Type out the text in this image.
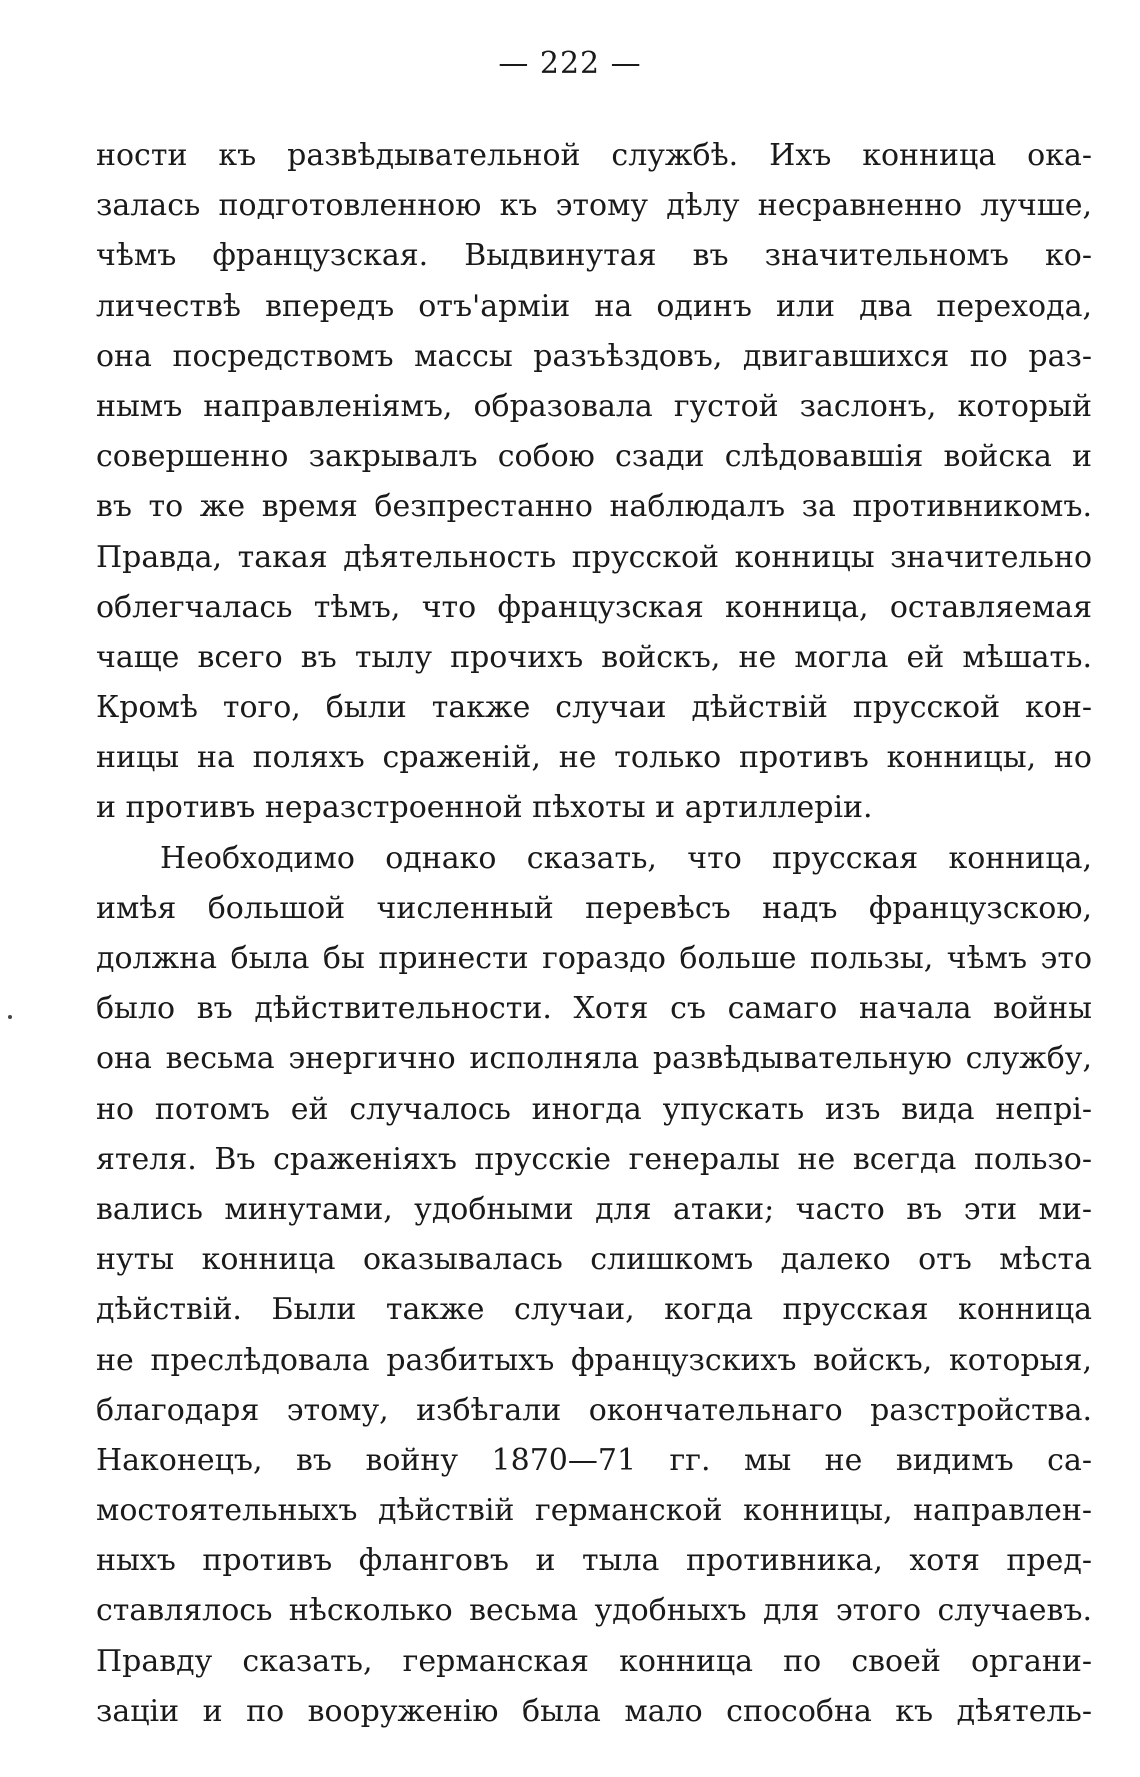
— 222 —
ности къ развѣдывательной службѣ. Ихъ конница ока-
залась подготовленною къ этому дѣлу несравненно лучше,
чѣмъ французская. Выдвинутая въ значительномъ ко-
личествѣ впередъ отъ'арміи на одинъ или два перехода,
она посредствомъ массы разъѣздовъ, двигавшихся по раз-
нымъ направленіямъ, образовала густой заслонъ, который
совершенно закрывалъ собою сзади слѣдовавшія войска и
въ то же время безпрестанно наблюдалъ за противникомъ.
Правда, такая дѣятельность прусской конницы значительно
облегчалась тѣмъ, что французская конница, оставляемая
чаще всего въ тылу прочихъ войскъ, не могла ей мѣшать.
Кромѣ того, были также случаи дѣйствій прусской кон-
ницы на поляхъ сраженій, не только противъ конницы, но
и противъ неразстроенной пѣхоты и артиллеріи.
Необходимо однако сказать, что прусская конница,
имѣя большой численный перевѣсъ надъ французскою,
должна была бы принести гораздо больше пользы, чѣмъ это
было въ дѣйствительности. Хотя съ самаго начала войны
она весьма энергично исполняла развѣдывательную службу,
но потомъ ей случалось иногда упускать изъ вида непрі-
ятеля. Въ сраженіяхъ прусскіе генералы не всегда пользо-
вались минутами, удобными для атаки; часто въ эти ми-
нуты конница оказывалась слишкомъ далеко отъ мѣста
дѣйствій. Были также случаи, когда прусская конница
не преслѣдовала разбитыхъ французскихъ войскъ, которыя,
благодаря этому, избѣгали окончательнаго разстройства.
Наконецъ, въ войну 1870—71 гг. мы не видимъ са-
мостоятельныхъ дѣйствій германской конницы, направлен-
ныхъ противъ фланговъ и тыла противника, хотя пред-
ставлялось нѣсколько весьма удобныхъ для этого случаевъ.
Правду сказать, германская конница по своей органи-
заціи и по вооруженію была мало способна къ дѣятель-
